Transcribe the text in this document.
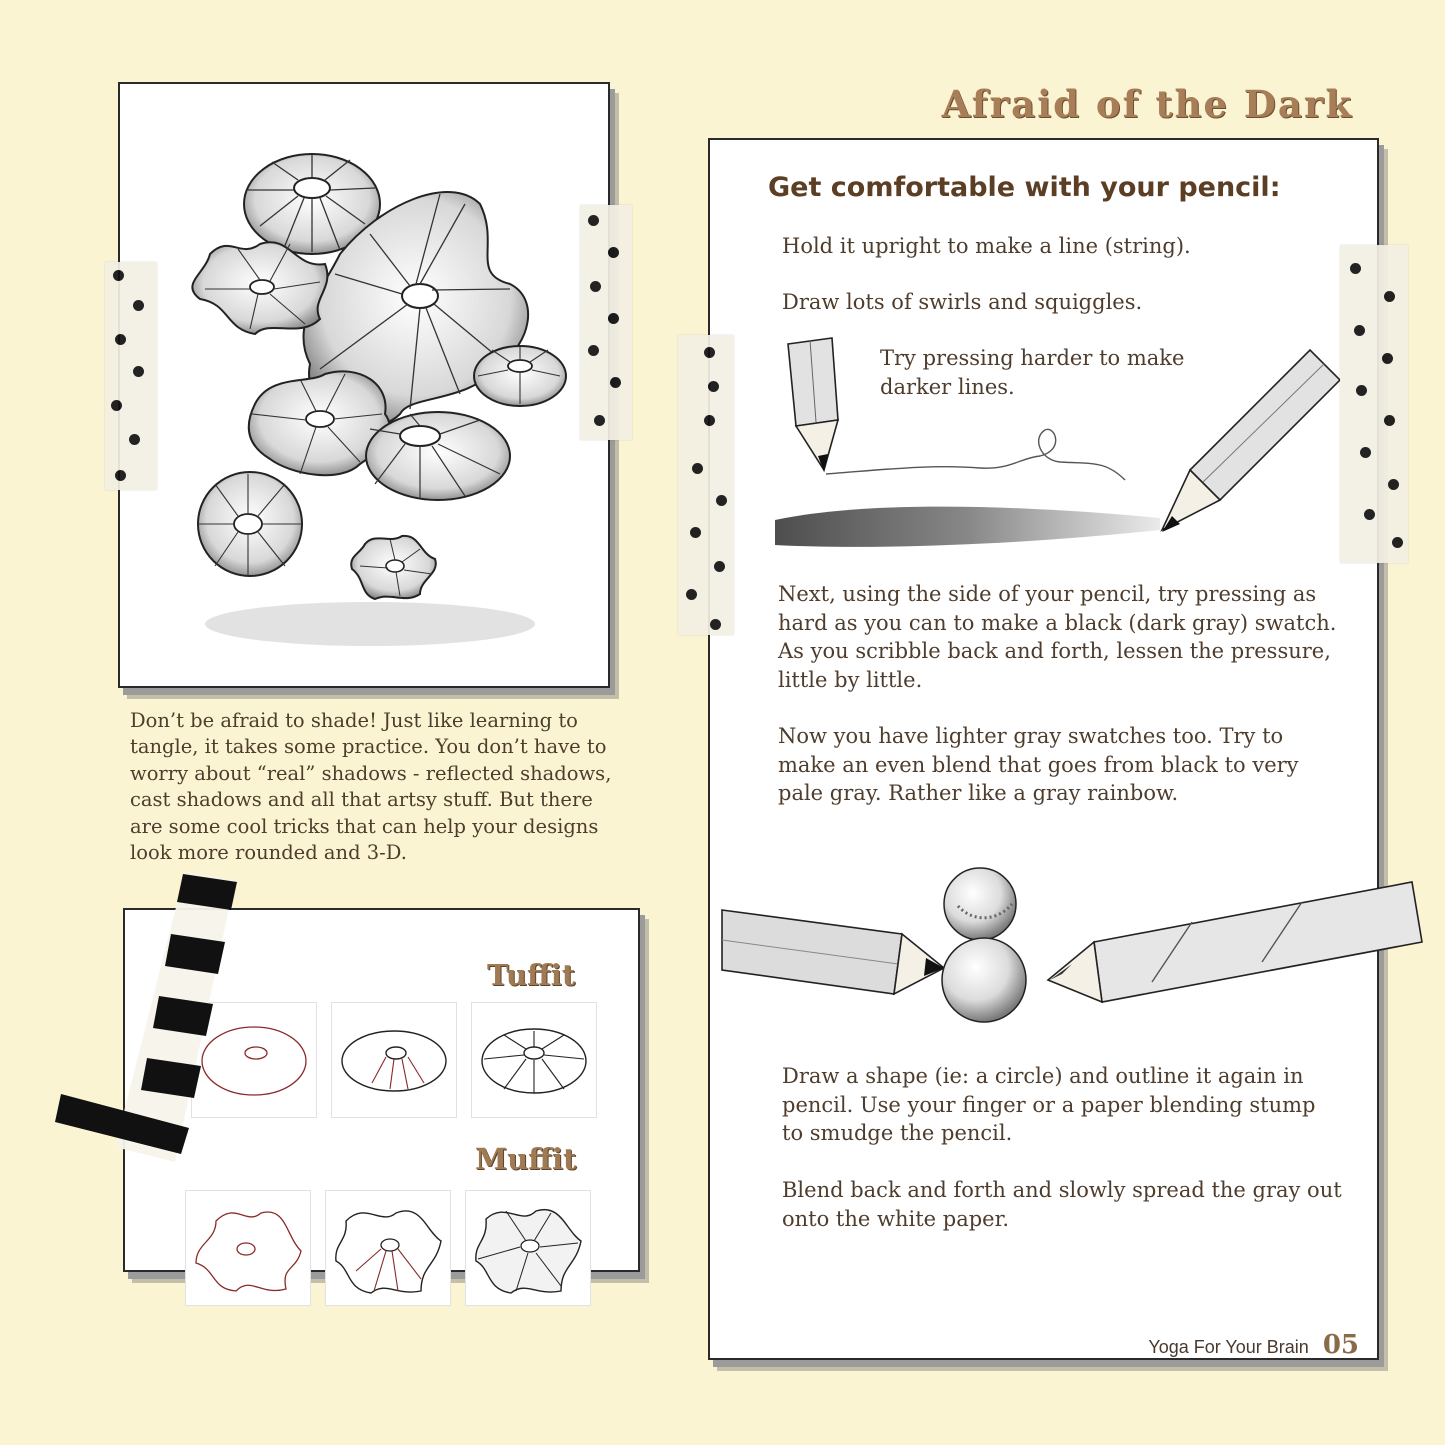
Afraid of the Dark
Don’t be afraid to shade! Just like learning to tangle, it takes some practice. You don’t have to worry about “real” shadows - reflected shadows, cast shadows and all that artsy stuff. But there are some cool tricks that can help your designs look more rounded and 3-D.
Tuffit
Muffit
Get comfortable with your pencil:
Hold it upright to make a line (string).
Draw lots of swirls and squiggles.
Try pressing harder to make darker lines.
Next, using the side of your pencil, try pressing as hard as you can to make a black (dark gray) swatch. As you scribble back and forth, lessen the pressure, little by little.
Now you have lighter gray swatches too. Try to make an even blend that goes from black to very pale gray. Rather like a gray rainbow.
Draw a shape (ie: a circle) and outline it again in pencil. Use your finger or a paper blending stump to smudge the pencil.
Blend back and forth and slowly spread the gray out onto the white paper.
Yoga For Your Brain 05
